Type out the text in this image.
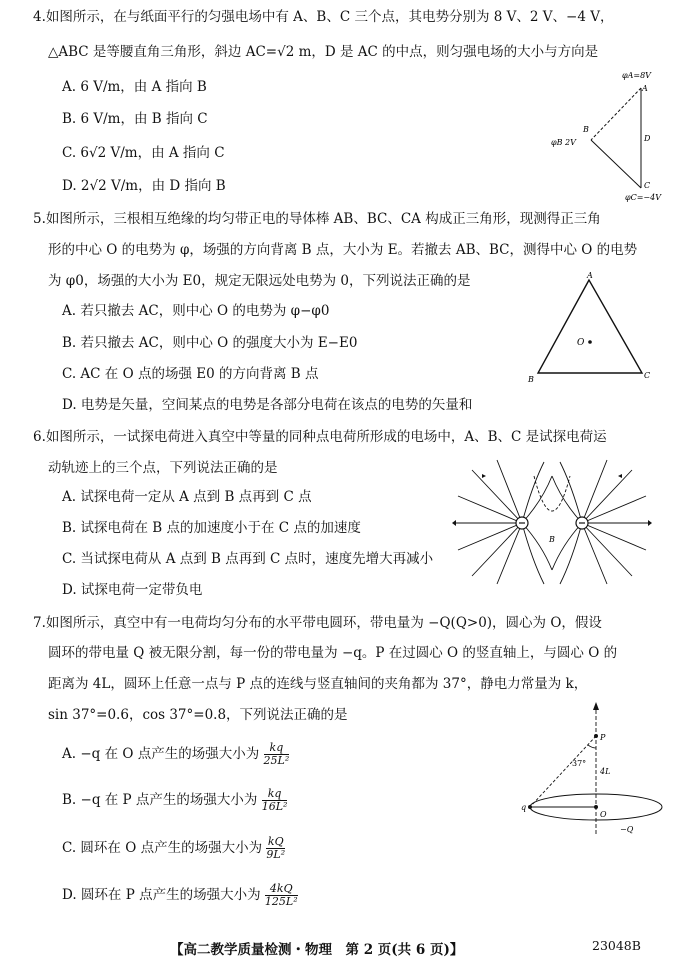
4.如图所示，在与纸面平行的匀强电场中有 A、B、C 三个点，其电势分别为 8 V、2 V、−4 V，
△ABC 是等腰直角三角形，斜边 AC=√2 m，D 是 AC 的中点，则匀强电场的大小与方向是
A. 6 V/m，由 A 指向 B
B. 6 V/m，由 B 指向 C
C. 6√2 V/m，由 A 指向 C
D. 2√2 V/m，由 D 指向 B
φA=8V
A
B
φB 2V	D
C
φC=−4V
5.如图所示，三根相互绝缘的均匀带正电的导体棒 AB、BC、CA 构成正三角形，现测得正三角
形的中心 O 的电势为 φ，场强的方向背离 B 点，大小为 E。若撤去 AB、BC，测得中心 O 的电势
为 φ0，场强的大小为 E0，规定无限远处电势为 0，下列说法正确的是
A. 若只撤去 AC，则中心 O 的电势为 φ−φ0
B. 若只撤去 AC，则中心 O 的强度大小为 E−E0
C. AC 在 O 点的场强 E0 的方向背离 B 点
D. 电势是矢量，空间某点的电势是各部分电荷在该点的电势的矢量和
A
O
B	C
6.如图所示，一试探电荷进入真空中等量的同种点电荷所形成的电场中，A、B、C 是试探电荷运
动轨迹上的三个点，下列说法正确的是
A. 试探电荷一定从 A 点到 B 点再到 C 点
B. 试探电荷在 B 点的加速度小于在 C 点的加速度
C. 当试探电荷从 A 点到 B 点再到 C 点时，速度先增大再减小
D. 试探电荷一定带负电
B
7.如图所示，真空中有一电荷均匀分布的水平带电圆环，带电量为 −Q(Q>0)，圆心为 O，假设
圆环的带电量 Q 被无限分割，每一份的带电量为 −q。P 在过圆心 O 的竖直轴上，与圆心 O 的
距离为 4L，圆环上任意一点与 P 点的连线与竖直轴间的夹角都为 37°，静电力常量为 k，
sin 37°=0.6，cos 37°=0.8，下列说法正确的是
A. −q 在 O 点产生的场强大小为 $\frac{kq}{\text{25L²}}$
B. −q 在 P 点产生的场强大小为 $\frac{kq}{\text{16L²}}$
C. 圆环在 O 点产生的场强大小为 $\frac{kQ}{\text{9L²}}$
D. 圆环在 P 点产生的场强大小为 $\frac{4kQ}{\text{125L²}}$
P
37°
4L
q
O
−Q
【高二教学质量检测・物理　第 2 页(共 6 页)】	23048B
